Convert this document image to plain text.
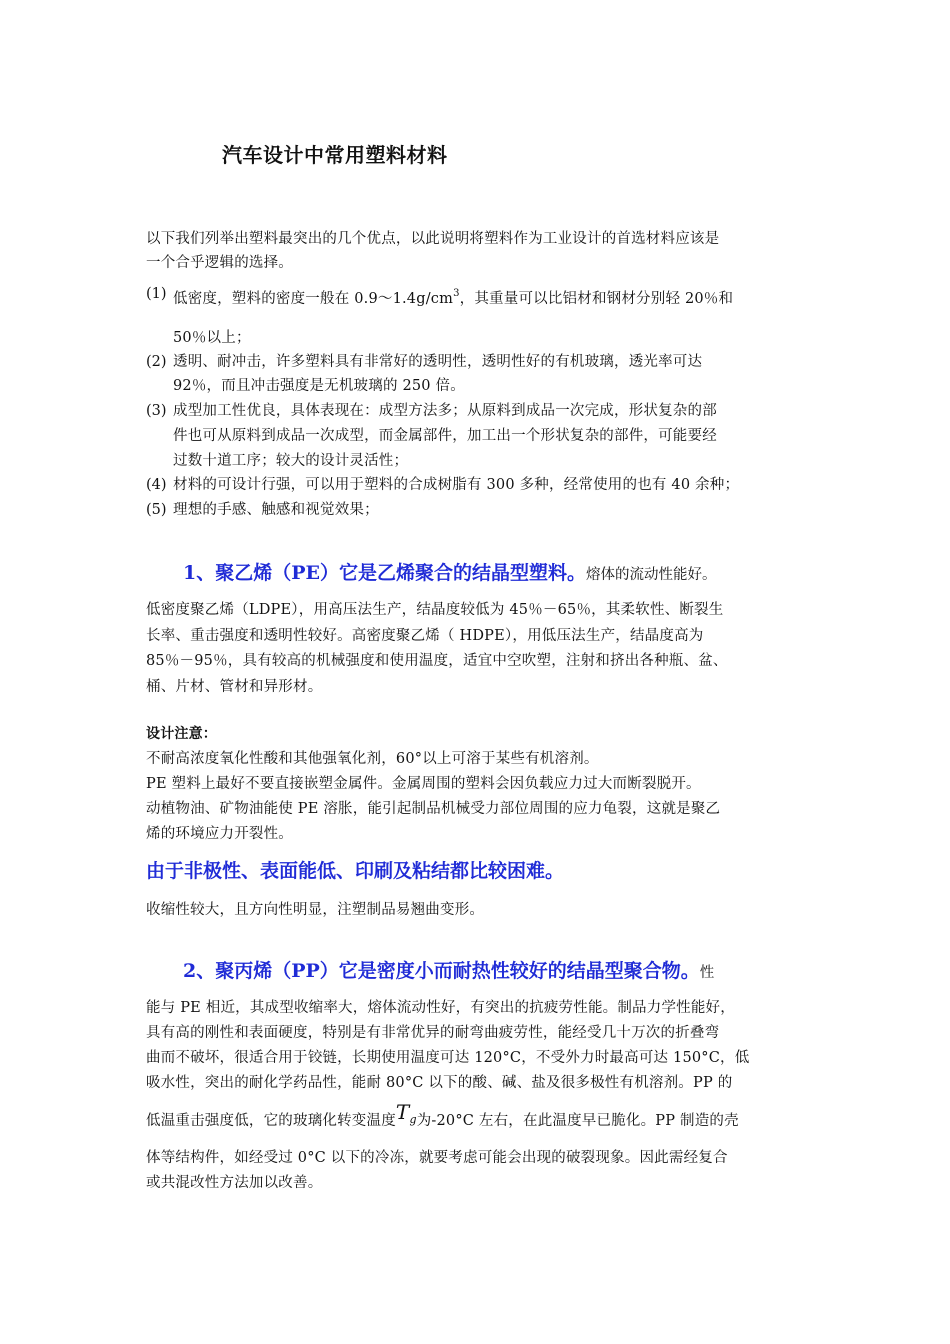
汽车设计中常用塑料材料
以下我们列举出塑料最突出的几个优点，以此说明将塑料作为工业设计的首选材料应该是
一个合乎逻辑的选择。
(1) 低密度，塑料的密度一般在 $0.9\sim 1.4g/cm^3$，其重量可以比铝材和钢材分别轻 20％和
50％以上；
(2) 透明、耐冲击，许多塑料具有非常好的透明性，透明性好的有机玻璃，透光率可达
92％，而且冲击强度是无机玻璃的 250 倍。
(3) 成型加工性优良，具体表现在：成型方法多；从原料到成品一次完成，形状复杂的部
件也可从原料到成品一次成型，而金属部件，加工出一个形状复杂的部件，可能要经
过数十道工序；较大的设计灵活性；
(4) 材料的可设计行强，可以用于塑料的合成树脂有 300 多种，经常使用的也有 40 余种；
(5) 理想的手感、触感和视觉效果；
1、聚乙烯（PE）它是乙烯聚合的结晶型塑料。熔体的流动性能好。
低密度聚乙烯（LDPE），用高压法生产，结晶度较低为 45％－65％，其柔软性、断裂生
长率、重击强度和透明性较好。高密度聚乙烯（ HDPE），用低压法生产，结晶度高为
85％－95％，具有较高的机械强度和使用温度，适宜中空吹塑，注射和挤出各种瓶、盆、
桶、片材、管材和异形材。
设计注意：
不耐高浓度氧化性酸和其他强氧化剂，60°以上可溶于某些有机溶剂。
PE 塑料上最好不要直接嵌塑金属件。金属周围的塑料会因负载应力过大而断裂脱开。
动植物油、矿物油能使 PE 溶胀，能引起制品机械受力部位周围的应力龟裂，这就是聚乙
烯的环境应力开裂性。
由于非极性、表面能低、印刷及粘结都比较困难。
收缩性较大，且方向性明显，注塑制品易翘曲变形。
2、聚丙烯（PP）它是密度小而耐热性较好的结晶型聚合物。性
能与 PE 相近，其成型收缩率大，熔体流动性好，有突出的抗疲劳性能。制品力学性能好，
具有高的刚性和表面硬度，特别是有非常优异的耐弯曲疲劳性，能经受几十万次的折叠弯
曲而不破坏，很适合用于铰链，长期使用温度可达 120°C，不受外力时最高可达 150°C，低
吸水性，突出的耐化学药品性，能耐 80°C 以下的酸、碱、盐及很多极性有机溶剂。PP 的
低温重击强度低，它的玻璃化转变温度Tg为-20°C 左右，在此温度早已脆化。PP 制造的壳
体等结构件，如经受过 0°C 以下的冷冻，就要考虑可能会出现的破裂现象。因此需经复合
或共混改性方法加以改善。
